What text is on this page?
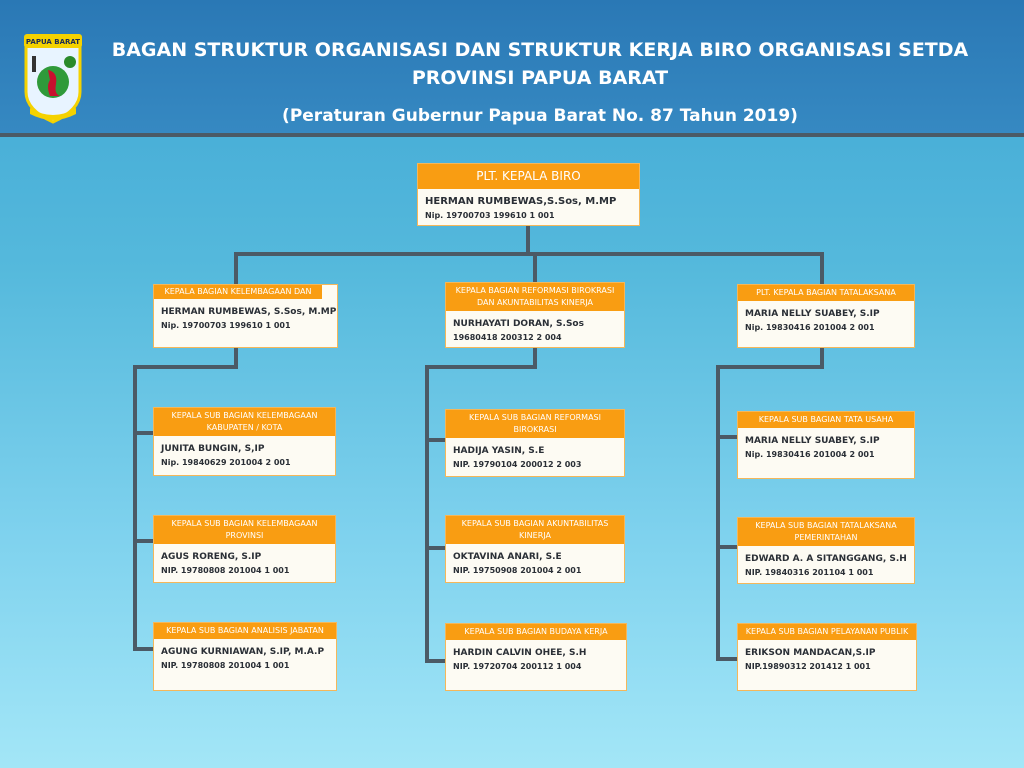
PAPUA BARAT	BAGAN STRUKTUR ORGANISASI DAN STRUKTUR KERJA BIRO ORGANISASI SETDA
PROVINSI PAPUA BARAT
(Peraturan Gubernur Papua Barat No. 87 Tahun 2019)
PLT. KEPALA BIRO
HERMAN RUMBEWAS,S.Sos, M.MP
Nip. 19700703 199610 1 001
KEPALA BAGIAN KELEMBAGAAN DAN
HERMAN RUMBEWAS, S.Sos, M.MP
Nip. 19700703 199610 1 001
KEPALA BAGIAN REFORMASI BIROKRASI DAN AKUNTABILITAS KINERJA
NURHAYATI DORAN, S.Sos
19680418 200312 2 004
PLT. KEPALA BAGIAN TATALAKSANA
MARIA NELLY SUABEY, S.IP
Nip. 19830416 201004 2 001
KEPALA SUB BAGIAN KELEMBAGAAN KABUPATEN / KOTA
JUNITA BUNGIN, S,IP
Nip. 19840629 201004 2 001
KEPALA SUB BAGIAN KELEMBAGAAN PROVINSI
AGUS RORENG, S.IP
NIP. 19780808 201004 1 001
KEPALA SUB BAGIAN ANALISIS JABATAN
AGUNG KURNIAWAN, S.IP, M.A.P
NIP. 19780808 201004 1 001
KEPALA SUB BAGIAN REFORMASI BIROKRASI
HADIJA YASIN, S.E
NIP. 19790104 200012 2 003
KEPALA SUB BAGIAN AKUNTABILITAS KINERJA
OKTAVINA ANARI, S.E
NIP. 19750908 201004 2 001
KEPALA SUB BAGIAN BUDAYA KERJA
HARDIN CALVIN OHEE, S.H
NIP. 19720704 200112 1 004
KEPALA SUB BAGIAN TATA USAHA
MARIA NELLY SUABEY, S.IP
Nip. 19830416 201004 2 001
KEPALA SUB BAGIAN TATALAKSANA PEMERINTAHAN
EDWARD A. A SITANGGANG, S.H
NIP. 19840316 201104 1 001
KEPALA SUB BAGIAN PELAYANAN PUBLIK
ERIKSON MANDACAN,S.IP
NIP.19890312 201412 1 001
